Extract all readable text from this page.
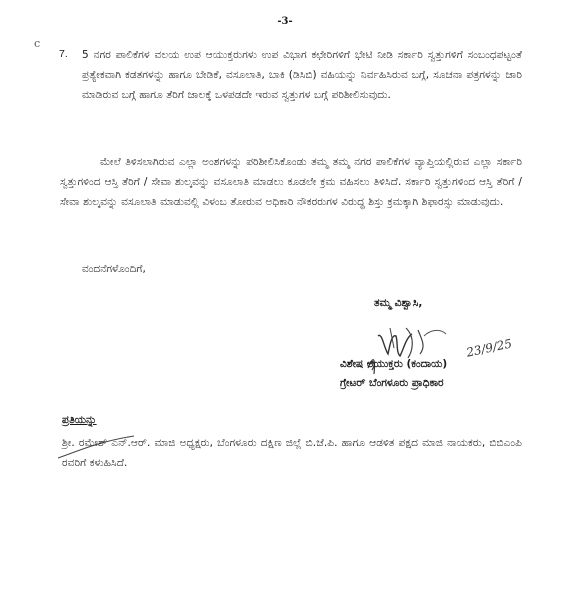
-3-
c
7. 5 ನಗರ ಪಾಲಿಕೆಗಳ ವಲಯ ಉಪ ಆಯುಕ್ತರುಗಳು ಉಪ ವಿಭಾಗ ಕಛೇರಿಗಳಿಗೆ ಭೇಟಿ ನೀಡಿ ಸರ್ಕಾರಿ ಸ್ವತ್ತುಗಳಿಗೆ ಸಂಬಂಧಪಟ್ಟಂತೆ ಪ್ರತ್ಯೇಕವಾಗಿ ಕಡತಗಳನ್ನು ಹಾಗೂ ಬೇಡಿಕೆ, ವಸೂಲಾತಿ, ಬಾಕಿ (ಡಿಸಿಬಿ) ವಹಿಯನ್ನು ನಿರ್ವಹಿಸಿರುವ ಬಗ್ಗೆ, ಸೂಚನಾ ಪತ್ರಗಳನ್ನು ಜಾರಿ ಮಾಡಿರುವ ಬಗ್ಗೆ ಹಾಗೂ ತೆರಿಗೆ ಜಾಲಕ್ಕೆ ಒಳಪಡದೇ ಇರುವ ಸ್ವತ್ತುಗಳ ಬಗ್ಗೆ ಪರಿಶೀಲಿಸುವುದು.
ಮೇಲೆ ತಿಳಿಸಲಾಗಿರುವ ಎಲ್ಲಾ ಅಂಶಗಳನ್ನು ಪರಿಶೀಲಿಸಿಕೊಂಡು ತಮ್ಮ ತಮ್ಮ ನಗರ ಪಾಲಿಕೆಗಳ ವ್ಯಾಪ್ತಿಯಲ್ಲಿರುವ ಎಲ್ಲಾ ಸರ್ಕಾರಿ ಸ್ವತ್ತುಗಳಿಂದ ಆಸ್ತಿ ತೆರಿಗೆ / ಸೇವಾ ಶುಲ್ಕವನ್ನು ವಸೂಲಾತಿ ಮಾಡಲು ಕೂಡಲೇ ಕ್ರಮ ವಹಿಸಲು ತಿಳಿಸಿದೆ. ಸರ್ಕಾರಿ ಸ್ವತ್ತುಗಳಿಂದ ಆಸ್ತಿ ತೆರಿಗೆ / ಸೇವಾ ಶುಲ್ಕವನ್ನು ವಸೂಲಾತಿ ಮಾಡುವಲ್ಲಿ ವಿಳಂಬ ತೋರುವ ಅಧಿಕಾರಿ ನೌಕರರುಗಳ ವಿರುದ್ಧ ಶಿಸ್ತು ಕ್ರಮಕ್ಕಾಗಿ ಶಿಫಾರಸ್ಸು ಮಾಡುವುದು.
ವಂದನೆಗಳೊಂದಿಗೆ,
ತಮ್ಮ ವಿಶ್ವಾಸಿ,
23/9/25
ವಿಶೇಷ ಆಯುಕ್ತರು (ಕಂದಾಯ)
ಗ್ರೇಟರ್ ಬೆಂಗಳೂರು ಪ್ರಾಧಿಕಾರ
ಪ್ರತಿಯನ್ನು
ಶ್ರೀ. ರಮೇಶ್ ಎನ್.ಆರ್. ಮಾಜಿ ಅಧ್ಯಕ್ಷರು, ಬೆಂಗಳೂರು ದಕ್ಷಿಣ ಜಿಲ್ಲೆ ಬಿ.ಜೆ.ಪಿ. ಹಾಗೂ ಆಡಳಿತ ಪಕ್ಷದ ಮಾಜಿ ನಾಯಕರು, ಬಿಬಿಎಂಪಿ ರವರಿಗೆ ಕಳುಹಿಸಿದೆ.
